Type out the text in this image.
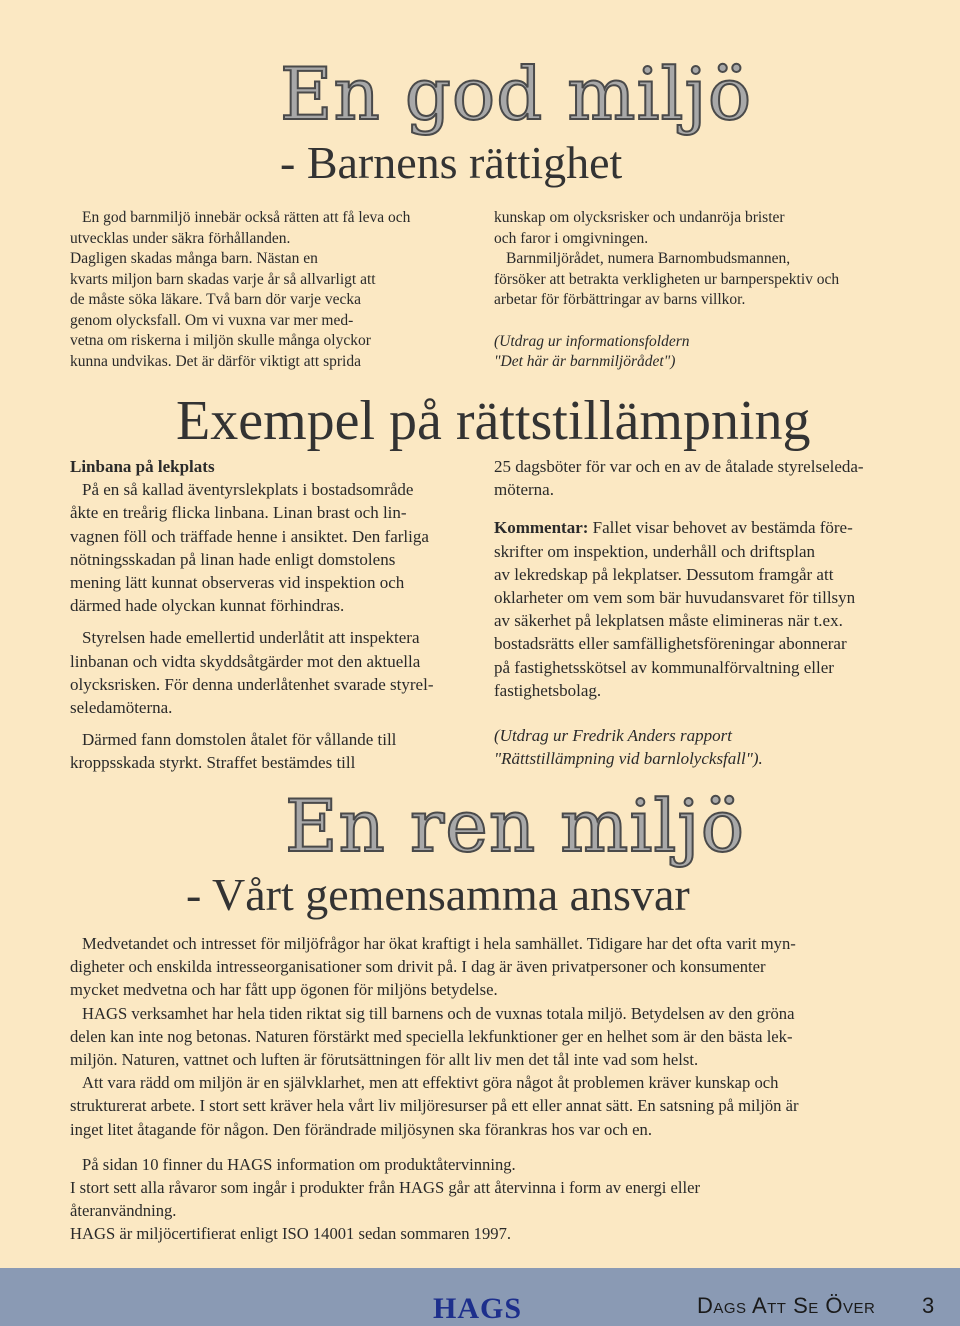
En god miljö
- Barnens rättighet

En god barnmiljö innebär också rätten att få leva och
utvecklas under säkra förhållanden.
Dagligen skadas många barn. Nästan en
kvarts miljon barn skadas varje år så allvarligt att
de måste söka läkare. Två barn dör varje vecka
genom olycksfall. Om vi vuxna var mer med-
vetna om riskerna i miljön skulle många olyckor
kunna undvikas. Det är därför viktigt att sprida

kunskap om olycksrisker och undanröja brister
och faror i omgivningen.

Barnmiljörådet, numera Barnombudsmannen,
försöker att betrakta verkligheten ur barnperspektiv och
arbetar för förbättringar av barns villkor.

(Utdrag ur informationsfoldern
"Det här är barnmiljörådet")

Exempel på rättstillämpning

Linbana på lekplats

På en så kallad äventyrslekplats i bostadsområde
åkte en treårig flicka linbana. Linan brast och lin-
vagnen föll och träffade henne i ansiktet. Den farliga
nötningsskadan på linan hade enligt domstolens
mening lätt kunnat observeras vid inspektion och
därmed hade olyckan kunnat förhindras.

Styrelsen hade emellertid underlåtit att inspektera
linbanan och vidta skyddsåtgärder mot den aktuella
olycksrisken. För denna underlåtenhet svarade styrel-
seledamöterna.

Därmed fann domstolen åtalet för vållande till
kroppsskada styrkt. Straffet bestämdes till

25 dagsböter för var och en av de åtalade styrelseleda-
möterna.

Kommentar: Fallet visar behovet av bestämda före-
skrifter om inspektion, underhåll och driftsplan
av lekredskap på lekplatser. Dessutom framgår att
oklarheter om vem som bär huvudansvaret för tillsyn
av säkerhet på lekplatsen måste elimineras när t.ex.
bostadsrätts eller samfällighetsföreningar abonnerar
på fastighetsskötsel av kommunalförvaltning eller
fastighetsbolag.

(Utdrag ur Fredrik Anders rapport
"Rättstillämpning vid barnlolycksfall").

En ren miljö
- Vårt gemensamma ansvar

Medvetandet och intresset för miljöfrågor har ökat kraftigt i hela samhället. Tidigare har det ofta varit myn-
digheter och enskilda intresseorganisationer som drivit på. I dag är även privatpersoner och konsumenter
mycket medvetna och har fått upp ögonen för miljöns betydelse.

HAGS verksamhet har hela tiden riktat sig till barnens och de vuxnas totala miljö. Betydelsen av den gröna
delen kan inte nog betonas. Naturen förstärkt med speciella lekfunktioner ger en helhet som är den bästa lek-
miljön. Naturen, vattnet och luften är förutsättningen för allt liv men det tål inte vad som helst.

Att vara rädd om miljön är en självklarhet, men att effektivt göra något åt problemen kräver kunskap och
strukturerat arbete. I stort sett kräver hela vårt liv miljöresurser på ett eller annat sätt. En satsning på miljön är
inget litet åtagande för någon. Den förändrade miljösynen ska förankras hos var och en.

På sidan 10 finner du HAGS information om produktåtervinning.
I stort sett alla råvaror som ingår i produkter från HAGS går att återvinna i form av energi eller
återanvändning.
HAGS är miljöcertifierat enligt ISO 14001 sedan sommaren 1997.

HAGS	Dags Att Se Över 3
